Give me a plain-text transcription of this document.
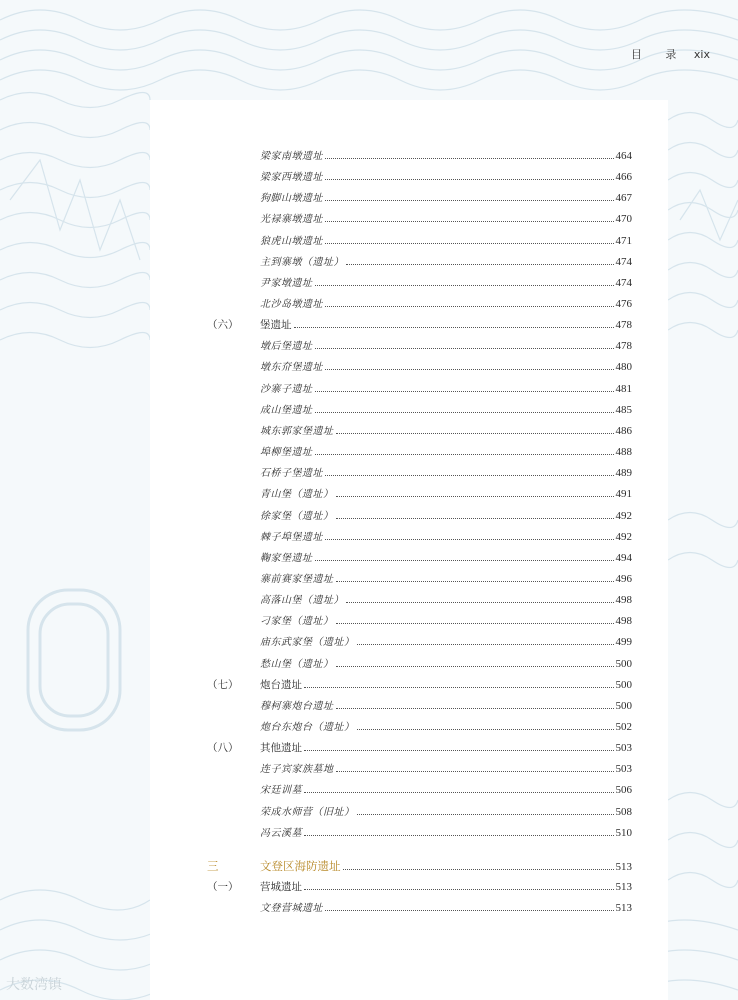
目 录 xix
梁家南墩遗址	464
梁家西墩遗址	466
狗脚山墩遗址	467
光禄寨墩遗址	470
狼虎山墩遗址	471
主到寨墩（遗址）	474
尹家墩遗址	474
北沙岛墩遗址	476
（六） 堡遗址	478
墩后堡遗址	478
墩东夼堡遗址	480
沙寨子遗址	481
成山堡遗址	485
城东郭家堡遗址	486
埠柳堡遗址	488
石桥子堡遗址	489
青山堡（遗址）	491
徐家堡（遗址）	492
棘子埠堡遗址	492
鞠家堡遗址	494
寨前赛家堡遗址	496
高落山堡（遗址）	498
刁家堡（遗址）	498
庙东武家堡（遗址）	499
愁山堡（遗址）	500
（七） 炮台遗址	500
穆柯寨炮台遗址	500
炮台东炮台（遗址）	502
（八） 其他遗址	503
连子宾家族墓地	503
宋廷训墓	506
荣成水师营（旧址）	508
冯云溪墓	510
三	文登区海防遗址	513
（一） 营城遗址	513
文登营城遗址	513
大数湾镇
